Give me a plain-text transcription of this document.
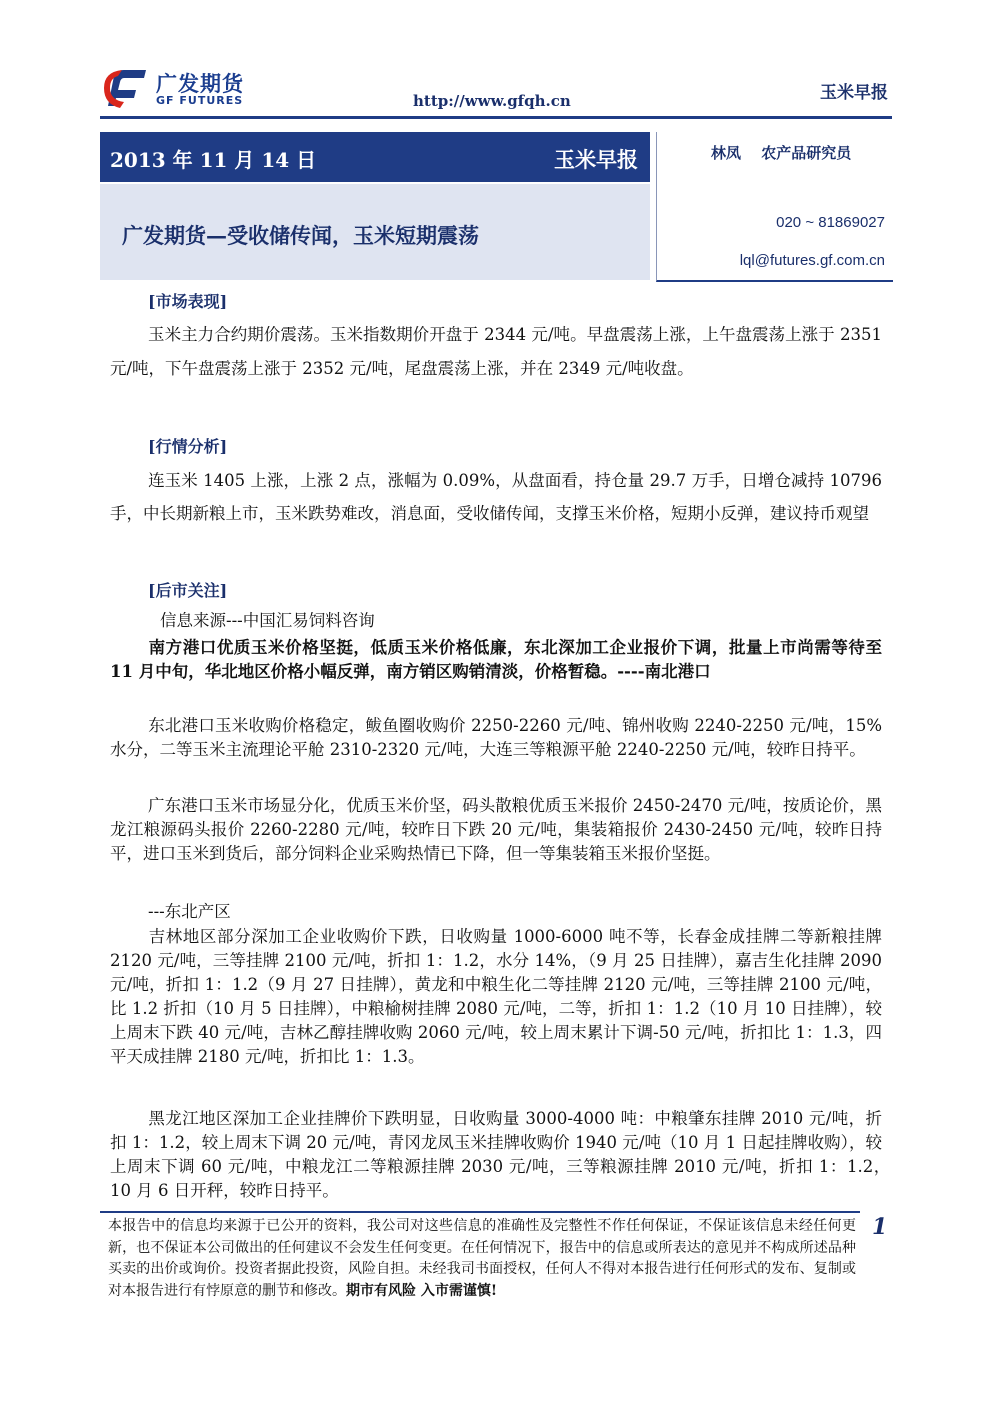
广发期货
GF FUTURES	玉米早报
http://www.gfqh.cn
2013 年 11 月 14 日	玉米早报
广发期货—受收储传闻，玉米短期震荡
林凤　 农产品研究员
020 ~ 81869027
lql@futures.gf.com.cn
[市场表现]
玉米主力合约期价震荡。玉米指数期价开盘于 2344 元/吨。早盘震荡上涨，上午盘震荡上涨于 2351 元/吨，下午盘震荡上涨于 2352 元/吨，尾盘震荡上涨，并在 2349 元/吨收盘。
[行情分析]
连玉米 1405 上涨，上涨 2 点，涨幅为 0.09%，从盘面看，持仓量 29.7 万手，日增仓减持 10796 手，中长期新粮上市，玉米跌势难改，消息面，受收储传闻，支撑玉米价格，短期小反弹，建议持币观望
[后市关注]
信息来源---中国汇易饲料咨询
南方港口优质玉米价格坚挺，低质玉米价格低廉，东北深加工企业报价下调，批量上市尚需等待至 11 月中旬，华北地区价格小幅反弹，南方销区购销清淡，价格暂稳。----南北港口
东北港口玉米收购价格稳定，鲅鱼圈收购价 2250-2260 元/吨、锦州收购 2240-2250 元/吨，15%水分，二等玉米主流理论平舱 2310-2320 元/吨，大连三等粮源平舱 2240-2250 元/吨，较昨日持平。
广东港口玉米市场显分化，优质玉米价坚，码头散粮优质玉米报价 2450-2470 元/吨，按质论价，黑龙江粮源码头报价 2260-2280 元/吨，较昨日下跌 20 元/吨，集装箱报价 2430-2450 元/吨，较昨日持平，进口玉米到货后，部分饲料企业采购热情已下降，但一等集装箱玉米报价坚挺。
---东北产区
吉林地区部分深加工企业收购价下跌，日收购量 1000-6000 吨不等，长春金成挂牌二等新粮挂牌 2120 元/吨，三等挂牌 2100 元/吨，折扣 1：1.2，水分 14%，（9 月 25 日挂牌），嘉吉生化挂牌 2090 元/吨，折扣 1：1.2（9 月 27 日挂牌），黄龙和中粮生化二等挂牌 2120 元/吨，三等挂牌 2100 元/吨，比 1.2 折扣（10 月 5 日挂牌），中粮榆树挂牌 2080 元/吨，二等，折扣 1：1.2（10 月 10 日挂牌），较上周末下跌 40 元/吨，吉林乙醇挂牌收购 2060 元/吨，较上周末累计下调-50 元/吨，折扣比 1：1.3，四平天成挂牌 2180 元/吨，折扣比 1：1.3。
黑龙江地区深加工企业挂牌价下跌明显，日收购量 3000-4000 吨：中粮肇东挂牌 2010 元/吨，折扣 1：1.2，较上周末下调 20 元/吨，青冈龙凤玉米挂牌收购价 1940 元/吨（10 月 1 日起挂牌收购），较上周末下调 60 元/吨，中粮龙江二等粮源挂牌 2030 元/吨，三等粮源挂牌 2010 元/吨，折扣 1：1.2，　10 月 6 日开秤，较昨日持平。
本报告中的信息均来源于已公开的资料，我公司对这些信息的准确性及完整性不作任何保证，不保证该信息未经任何更新，也不保证本公司做出的任何建议不会发生任何变更。在任何情况下，报告中的信息或所表达的意见并不构成所述品种买卖的出价或询价。投资者据此投资，风险自担。未经我司书面授权，任何人不得对本报告进行任何形式的发布、复制或对本报告进行有悖原意的删节和修改。期市有风险 入市需谨慎!
1
